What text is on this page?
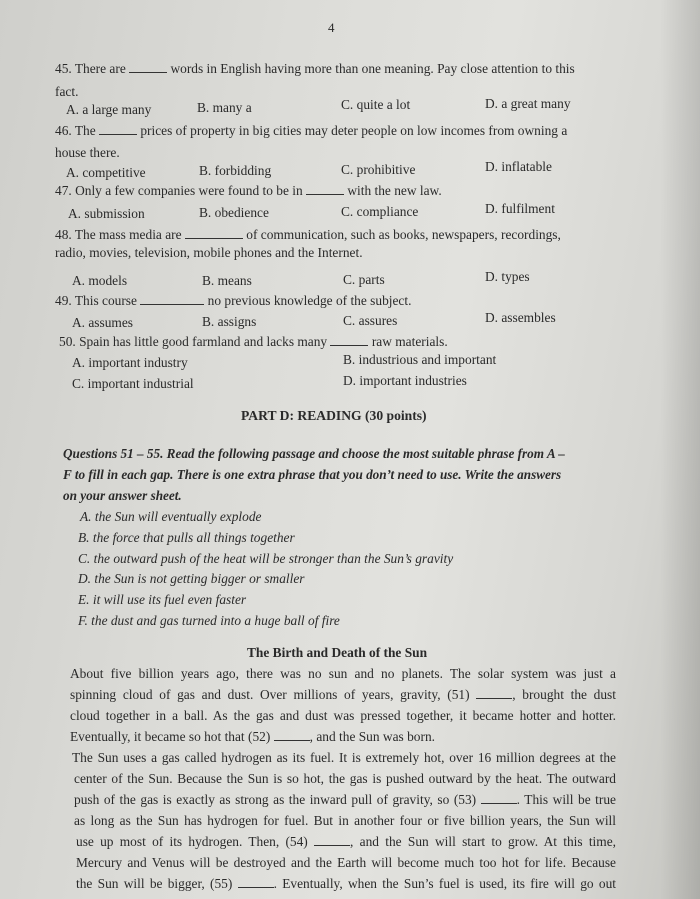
4
45. There are	words in English having more than one meaning. Pay close attention to this
fact.
A. a large many	B. many a	C. quite a lot	D. a great many
46. The	prices of property in big cities may deter people on low incomes from owning a
house there.
A. competitive	B. forbidding	C. prohibitive	D. inflatable
47. Only a few companies were found to be in	with the new law.
A. submission	B. obedience	C. compliance	D. fulfilment
48. The mass media are	of communication, such as books, newspapers, recordings,
radio, movies, television, mobile phones and the Internet.
A. models	B. means	C. parts	D. types
49. This course	no previous knowledge of the subject.
A. assumes	B. assigns	C. assures	D. assembles
50. Spain has little good farmland and lacks many	raw materials.
A. important industry	B. industrious and important
C. important industrial	D. important industries
PART D: READING (30 points)
Questions 51 – 55. Read the following passage and choose the most suitable phrase from A –
F to fill in each gap. There is one extra phrase that you don’t need to use. Write the answers
on your answer sheet.
A. the Sun will eventually explode
B. the force that pulls all things together
C. the outward push of the heat will be stronger than the Sun’s gravity
D. the Sun is not getting bigger or smaller
E. it will use its fuel even faster
F. the dust and gas turned into a huge ball of fire
The Birth and Death of the Sun
About five billion years ago, there was no sun and no planets. The solar system was just a
spinning cloud of gas and dust. Over millions of years, gravity, (51)	, brought the dust
cloud together in a ball. As the gas and dust was pressed together, it became hotter and hotter.
Eventually, it became so hot that (52)	, and the Sun was born.
The Sun uses a gas called hydrogen as its fuel. It is extremely hot, over 16 million degrees at the
center of the Sun. Because the Sun is so hot, the gas is pushed outward by the heat. The outward
push of the gas is exactly as strong as the inward pull of gravity, so (53)	. This will be true
as long as the Sun has hydrogen for fuel. But in another four or five billion years, the Sun will
use up most of its hydrogen. Then, (54)	, and the Sun will start to grow. At this time,
Mercury and Venus will be destroyed and the Earth will become much too hot for life. Because
the Sun will be bigger, (55)	. Eventually, when the Sun’s fuel is used, its fire will go out
